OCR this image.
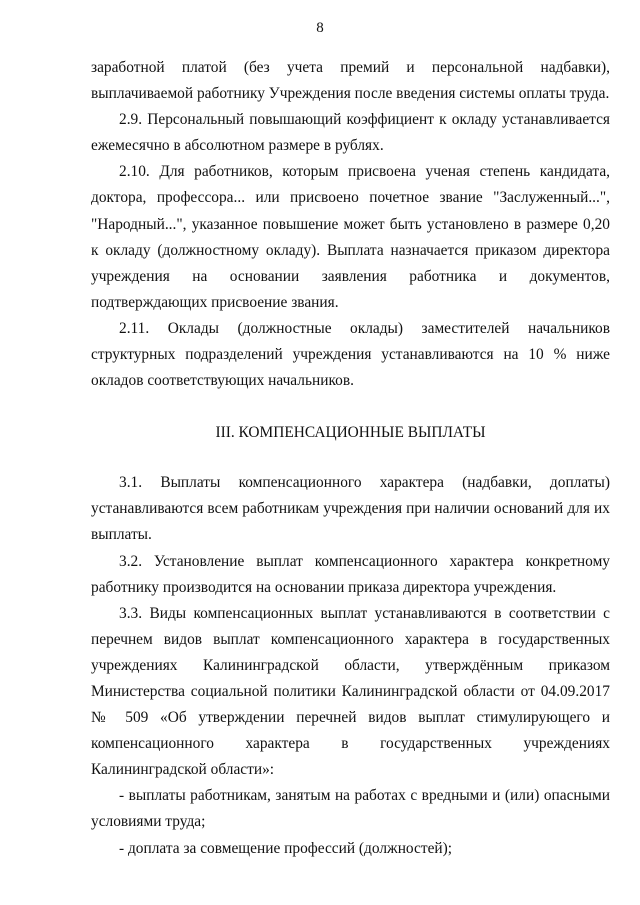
8

заработной платой (без учета премий и персональной надбавки), выплачиваемой работнику Учреждения после введения системы оплаты труда.

2.9. Персональный повышающий коэффициент к окладу устанавливается ежемесячно в абсолютном размере в рублях.

2.10. Для работников, которым присвоена ученая степень кандидата, доктора, профессора... или присвоено почетное звание "Заслуженный...", "Народный...", указанное повышение может быть установлено в размере 0,20 к окладу (должностному окладу). Выплата назначается приказом директора учреждения на основании заявления работника и документов, подтверждающих присвоение звания.

2.11. Оклады (должностные оклады) заместителей начальников структурных подразделений учреждения устанавливаются на 10 % ниже окладов соответствующих начальников.

III. КОМПЕНСАЦИОННЫЕ ВЫПЛАТЫ

3.1. Выплаты компенсационного характера (надбавки, доплаты) устанавливаются всем работникам учреждения при наличии оснований для их выплаты.

3.2. Установление выплат компенсационного характера конкретному работнику производится на основании приказа директора учреждения.

3.3. Виды компенсационных выплат устанавливаются в соответствии с перечнем видов выплат компенсационного характера в государственных учреждениях Калининградской области, утверждённым приказом Министерства социальной политики Калининградской области от 04.09.2017 № 509 «Об утверждении перечней видов выплат стимулирующего и компенсационного характера в государственных учреждениях Калининградской области»:

- выплаты работникам, занятым на работах с вредными и (или) опасными условиями труда;

- доплата за совмещение профессий (должностей);
